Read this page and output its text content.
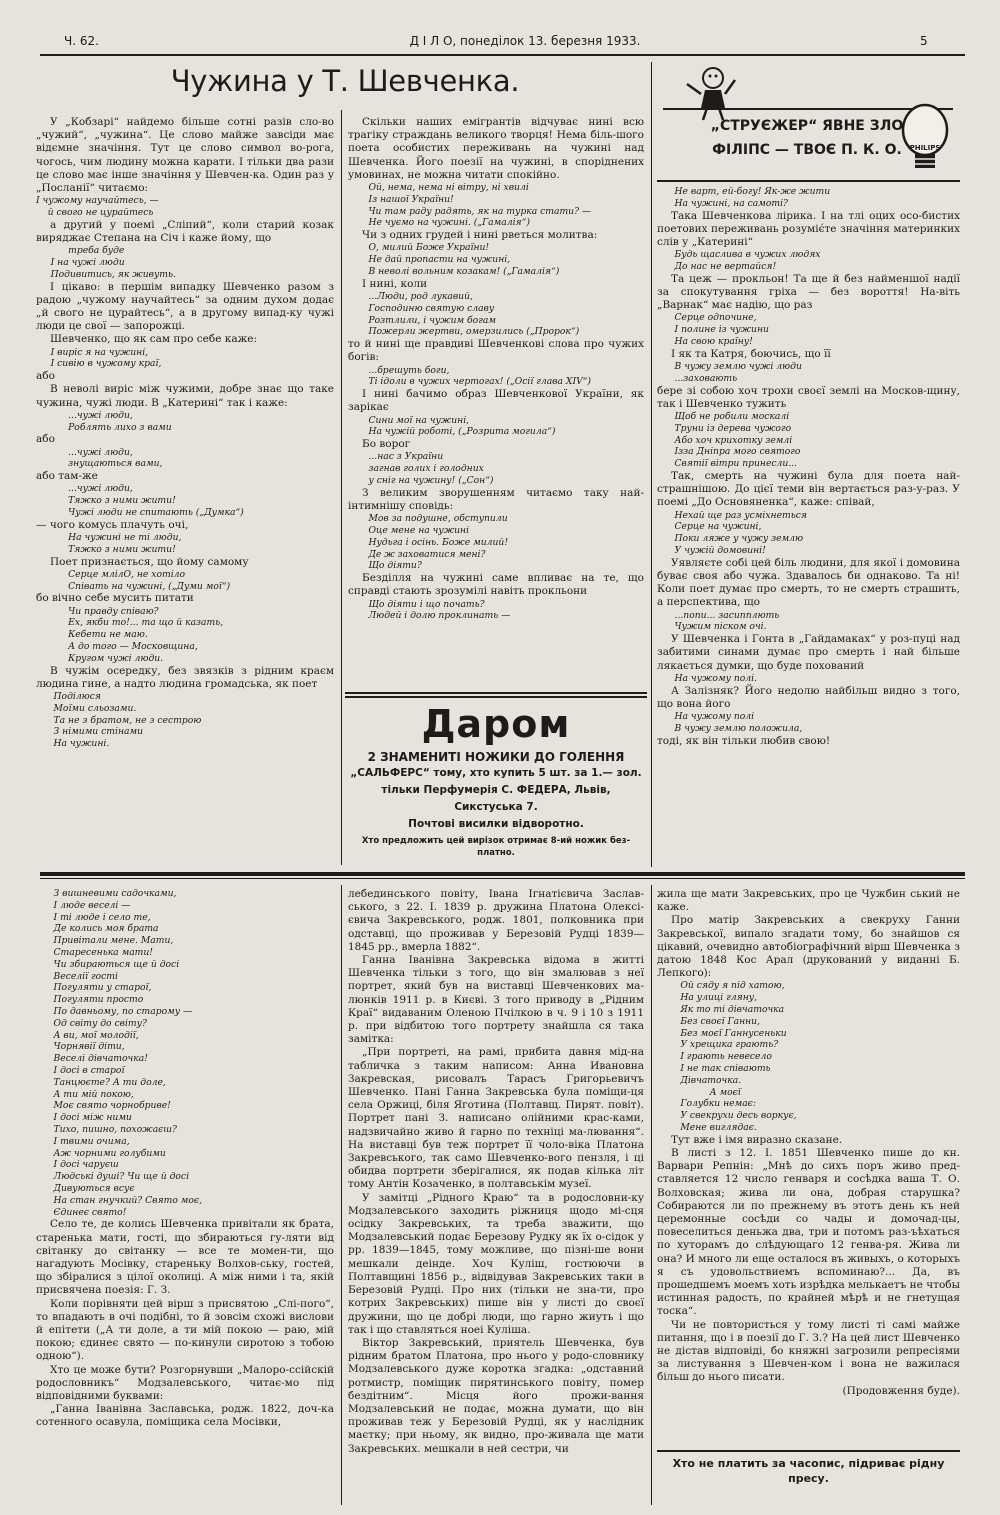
Ч. 62.	Д І Л О, понеділок 13. березня 1933.	5
Чужина у Т. Шевченка.
У „Кобзарі“ найдемо більше сотні разів сло-во „чужий“, „чужина“. Це слово майже завсіди має відємне значіння. Тут це слово символ во-рога, чогось, чим людину можна карати. І тільки два рази це слово має інше значіння у Шевчен-ка. Один раз у „Посланії“ читаємо:
І чужому научайтесь, —
й свого не цурайтесь
а другий у поемі „Сліпий“, коли старий козак виряджає Степана на Січ і каже йому, що
треба буде
І на чужі люди
Подивитись, як живуть.
І цікаво: в першім випадку Шевченко разом з радою „чужому научайтесь“ за одним духом додає „й свого не цурайтесь“, а в другому випад-ку чужі люди це свої — запорожці.
Шевченко, що як сам про себе каже:
І виріс я на чужині,
І сивію в чужому краї,
або
В неволі виріс між чужими, добре знає що таке чужина, чужі люди. В „Катерині“ так і каже:
...чужі люди,
Роблять лихо з вами
або
...чужі люди,
знущаються вами,
або там-же
...чужі люди,
Тяжко з ними жити!
Чужі люди не спитають („Думка“)
— чого комусь плачуть очі,
На чужині не ті люди,
Тяжко з ними жити!
Поет признається, що йому самому
Серце млілО, не хотіло
Співать на чужині, („Думи мої“)
бо вічно себе мусить питати
Чи правду співаю?
Ех, якби то!... та що й казать,
Кебети не маю.
А до того — Московщина,
Кругом чужі люди.
В чужім осередку, без звязків з рідним краєм людина гине, а надто людина громадська, як поет
Поділюся
Моїми сльозами.
Та не з братом, не з сестрою
З німими стінами
На чужині.
Скільки наших емігрантів відчуває нині всю трагіку страждань великого творця! Нема біль-шого поета особистих переживань на чужині над Шевченка. Його поезії на чужині, в споріднених умовинах, не можна читати спокійно.
Ой, нема, нема ні вітру, ні хвилі
Із нашої України!
Чи там раду радять, як на турка стати? —
Не чуємо на чужині. („Гамалія“)
Чи з одних грудей і нині рветься молитва:
О, милий Боже України!
Не дай пропасти на чужині,
В неволі вольним козакам! („Гамалія“)
І нині, коли
...Люди, род лукавий,
Господиню святую славу
Розтлили, і чужим богам
Пожерли жертви, омерзились („Пророк“)
то й нині ще правдиві Шевченкові слова про чужих богів:
...брешуть боги,
Ті ідоли в чужих чертогах! („Осії глава XIV“)
І нині бачимо образ Шевченкової України, як зарікає
Сини мої на чужині,
На чужій роботі, („Розрита могила“)
Бо ворог
...нас з України
загнав голих і голодних
у сніг на чужину! („Сон“)
З великим зворушенням читаємо таку най-інтимнішу сповідь:
Мов за подушне, обступили
Оце мене на чужині
Нудьга і осінь. Боже милий!
Де ж заховатися мені?
Що діяти?
Безділля на чужині саме впливає на те, що справді стають зрозумілі навіть прокльони
Що діяти і що почать?
Людей і долю проклинать —
Не варт, ей-богу! Як-же жити
На чужині, на самоті?
Така Шевченкова лірика. І на тлі оцих осо-бистих поетових переживань розуміє́те значіння материнких слів у „Катерині“
Будь щаслива в чужих людях
До нас не вертайся!
Та цеж — прокльон! Та ще й без найменшої надії за спокутування гріха — без вороття! На-віть „Варнак“ має надію, що раз
Серце одпочине,
І полине із чужини
На свою країну!
І як та Катря, боючись, що її
В чужу землю чужі люди
...заховають
бере зі собою хоч трохи своєї землі на Москов-щину, так і Шевченко тужить
Щоб не робили москалі
Труни із дерева чужого
Або хоч крихотку землі
Ізза Дніпра мого святого
Святії вітри принесли...
Так, смерть на чужині була для поета най-страшнішою. До цієї теми він вертається раз-у-раз. У поемі „До Основяненка“, каже: співай,
Нехай ще раз усміхнеться
Серце на чужині,
Поки ляже у чужу землю
У чужій домовині!
Уявляєте собі цей біль людини, для якої і домовина буває своя або чужа. Здавалось би однаково. Та ні! Коли поет думає про смерть, то не смерть страшить, а перспектива, що
...попи... засипплють
Чужим піском очі.
У Шевченка і Гонта в „Гайдамаках“ у роз-пуці над забитими синами думає про смерть і най більше лякається думки, що буде похований
На чужому полі.
А Залізняк? Його недолю найбільш видно з того, що вона його
На чужому полі
В чужу землю положила,
тоді, як він тільки любив свою!
„СТРУЄЖЕР“ ЯВНЕ ЗЛО
ФІЛІПС — ТВОЄ П. К. О.	PHILIPS
Даром
2 ЗНАМЕНИТІ НОЖИКИ ДО ГОЛЕННЯ
„САЛЬФЕРС“ тому, хто купить 5 шт. за 1.— зол.
тільки Перфумерія С. ФЕДЕРА, Львів,
Сикстуська 7.
Почтові висилки відворотно.
Хто предложить цей вирізок отримає 8-ий ножик без-
платно.
З вишневими садочками,
І люде веселі —
І ті люде і село те,
Де колись моя брата
Привітали мене. Мати,
Старесенька мати!
Чи збираються ще й досі
Веселії гості
Погуляти у старої,
Погуляти просто
По давньому, по старому —
Од світу до світу?
А ви, мої молодії,
Чорнявії діти,
Веселі дівчаточка!
І досі в старої
Танцюєте? А ти доле,
А ти мій покою,
Моє свято чорнобриве!
І досі між ними
Тихо, пишно, похожаєш?
І твими очима,
Аж чорними голубими
І досі чаруєш
Людські душі? Чи ще й досі
Дивуються всує
На стан гнучкий? Свято моє,
Єдинеє свято!
Село те, де колись Шевченка привітали як брата, старенька мати, гості, що збираються гу-ляти від світанку до світанку — все те момен-ти, що нагадують Мосівку, старенькy Волхов-ську, гостей, що збіралися з цілої околиці. А між ними і та, якій присвячена поезія: Г. З.
Коли порівняти цей вірш з присвятою „Слі-пого“, то впадають в очі подібні, то й зовсім схожі вислови й епітети („А ти доле, а ти мій покою — раю, мій покою; єдинеє свято — по-кинули сиротою з тобою одною“).
Хто це може бути? Розгорнувши „Малоро-ссійскій родословникъ“ Модзалевського, читає-мо під відповідними буквами:
„Ганна Іванівна Заславська, родж. 1822, доч-ка сотенного осавула, поміщика села Мосівки,
лебединського повіту, Івана Ігнатієвича Заслав-ського, з 22. І. 1839 р. дружина Платона Олексі-євича Закревського, родж. 1801, полковника при одставці, що проживав у Березовій Рудці 1839—1845 рр., вмерла 1882“.
Ганна Іванівна Закревська відома в житті Шевченка тільки з того, що він змалював з неї портрет, який був на виставці Шевченкових ма-люнків 1911 р. в Києві. З того приводу в „Рідним Краї“ видаваним Оленою Пчілкою в ч. 9 і 10 з 1911 р. при відбитою того портрету знайшла ся така замітка:
„При портреті, на рамі, прибита давня мід-на табличка з таким написом: Анна Ивановна Закревская, рисовалъ Тарасъ Григорьевичъ Шевченко. Пані Ганна Закревська була поміщи-ця села Оржиці, біля Яготина (Полтавщ. Пирят. повіт). Портрет пані З. написано олійними крас-ками, надзвичайно живо й гарно по техніці ма-лювання“. На виставці був теж портрет її чоло-віка Платона Закревського, так само Шевченко-вого пензля, і ці обидва портрети зберігалися, як подав кілька літ тому Антін Козаченко, в полтавськім музеї.
У замітці „Рідного Краю“ та в родословни-ку Модзалевського заходить ріжниця щодо мі-сця осідку Закревських, та треба зважити, що Модзалевський подає Березову Рудку як їх о-сідок у рр. 1839—1845, тому можливе, що пізні-ше вони мешкали деінде. Хоч Куліш, гостюючи в Полтавщині 1856 р., відвідував Закревських таки в Березовій Рудці. Про них (тільки не зна-ти, про котрих Закревських) пише він у листі до своєї дружини, що це добрі люди, що гарно жиуть і що так і що ставляться ноеі Куліша.
Віктор Закревський, приятель Шевченка, був рідним братом Платона, про нього у родо-словнику Модзалевського дуже коротка згадка: „одставний ротмистр, поміщик пирятинського повіту, помер бездітним“. Місця його прожи-вання Модзалевський не подає, можна думати, що він проживав теж у Березовій Рудці, як у наслідник маєтку; при ньому, як видно, про-живала ще мати Закревських. мешкали в ней сестри, чи
жила ще мати Закревських, про це Чужбин ський не каже.
Про матір Закревських а свекруху Ганни Закревської, випало згадати тому, бо знайшов ся цікавий, очевидно автобіографічний вірш Шевченка з датою 1848 Кос Арал (друкований у виданні Б. Лепкого):
Ой сяду я під хатою,
На улиці гляну,
Як то ті дівчаточка
Без своєї Ганни,
Без моєї Ганнусеньки
У хрещика грають?
І грають невесело
І не так співають
Дівчаточка.
А моєї
Голубки немає:
У свекрухи десь воркує,
Мене виглядає.
Тут вже і імя виразно сказане.
В листі з 12. І. 1851 Шевченко пише до кн. Варвари Репнін: „Мнѣ до сихъ поръ живо пред-ставляется 12 число генваря и сосѣдка ваша Т. О. Волховская; жива ли она, добрая старушка? Собираются ли по прежнему въ этотъ день къ ней церемонные сосѣди со чады и домочад-цы, повеселиться деньжа два, три и потомъ раз-ъѣхаться по хуторамъ до слѣдующаго 12 генва-ря. Жива ли она? И много ли еще осталося въ живыхъ, о которыхъ я съ удовольствиемъ вспоминаю?... Да, въ прошедшемъ моемъ хоть изрѣдка мелькаетъ не чтобы истинная радость, по крайней мѣрѣ и не гнетущая тоска“.
Чи не повтористься у тому листі ті самі майже питання, що і в поезії до Г. З.? На цей лист Шевченко не дістав відповіді, бо княжні загрозили репресіями за листування з Шевчен-ком і вона не важилася більш до нього писати.
(Продовження буде).
Хто не платить за часопис, підриває рідну
пресу.
